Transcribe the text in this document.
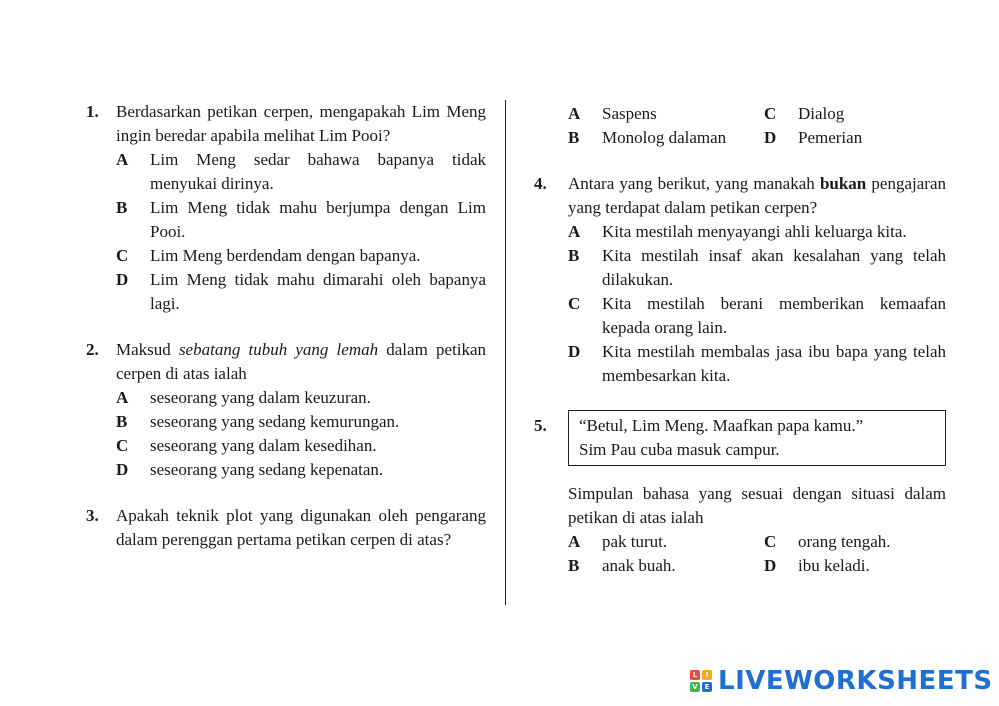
1.	Berdasarkan petikan cerpen, mengapakah Lim Meng ingin beredar apabila melihat Lim Pooi?
A	Lim Meng sedar bahawa bapanya tidak menyukai dirinya.
B	Lim Meng tidak mahu berjumpa dengan Lim Pooi.
C	Lim Meng berdendam dengan bapanya.
D	Lim Meng tidak mahu dimarahi oleh bapanya lagi.
2.	Maksud sebatang tubuh yang lemah dalam petikan cerpen di atas ialah
A	seseorang yang dalam keuzuran.
B	seseorang yang sedang kemurungan.
C	seseorang yang dalam kesedihan.
D	seseorang yang sedang kepenatan.
3.	Apakah teknik plot yang digunakan oleh pengarang dalam perenggan pertama petikan cerpen di atas?
A	Saspens	C	Dialog
B	Monolog dalaman D	Pemerian
4.	Antara yang berikut, yang manakah bukan pengajaran yang terdapat dalam petikan cerpen?
A	Kita mestilah menyayangi ahli keluarga kita.
B	Kita mestilah insaf akan kesalahan yang telah dilakukan.
C	Kita mestilah berani memberikan kemaafan kepada orang lain.
D	Kita mestilah membalas jasa ibu bapa yang telah membesarkan kita.
5.	“Betul, Lim Meng. Maafkan papa kamu.”
Sim Pau cuba masuk campur.
Simpulan bahasa yang sesuai dengan situasi dalam petikan di atas ialah
A	pak turut.	C	orang tengah.
B	anak buah.	D	ibu keladi.
L	I
V E LIVEWORKSHEETS
